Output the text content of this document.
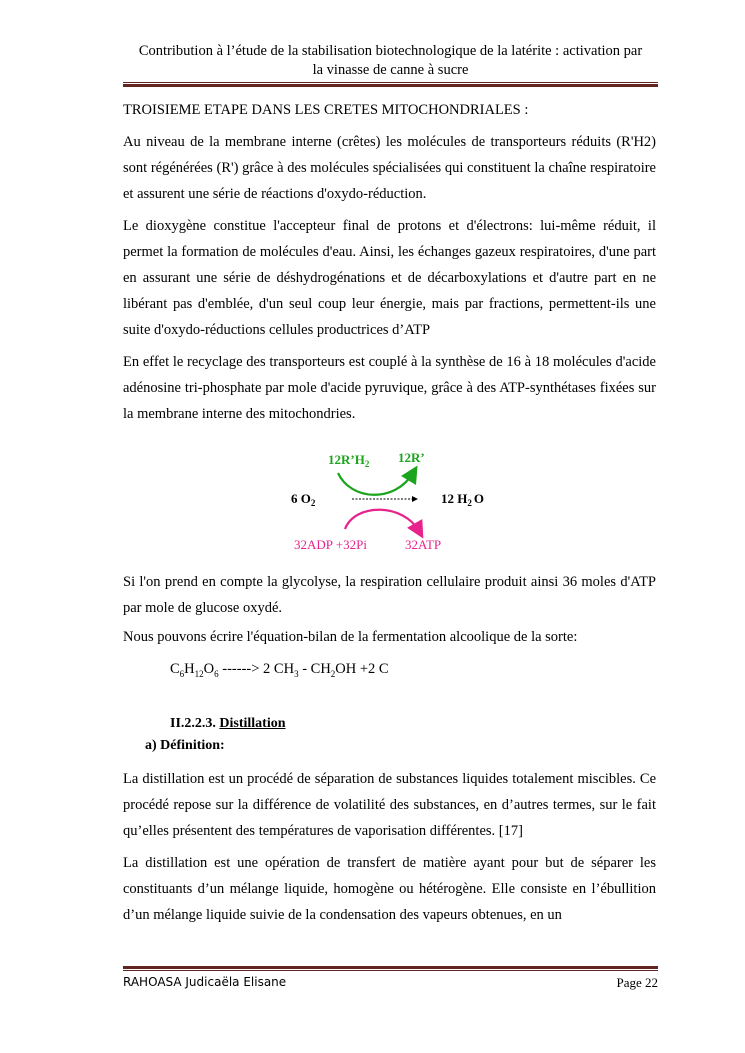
Contribution à l’étude de la stabilisation biotechnologique de la latérite : activation par
la vinasse de canne à sucre

TROISIEME ETAPE DANS LES CRETES MITOCHONDRIALES :

Au niveau de la membrane interne (crêtes) les molécules de transporteurs réduits (R'H2) sont régénérées (R') grâce à des molécules spécialisées qui constituent la chaîne respiratoire et assurent une série de réactions d'oxydo-réduction.

Le dioxygène constitue l'accepteur final de protons et d'électrons: lui-même réduit, il permet la formation de molécules d'eau. Ainsi, les échanges gazeux respiratoires, d'une part en assurant une série de déshydrogénations et de décarboxylations et d'autre part en ne libérant pas d'emblée, d'un seul coup leur énergie, mais par fractions, permettent-ils une suite d'oxydo-réductions cellules productrices d’ATP

En effet le recyclage des transporteurs est couplé à la synthèse de 16 à 18 molécules d'acide adénosine tri-phosphate par mole d'acide pyruvique, grâce à des ATP-synthétases fixées sur la membrane interne des mitochondries.

$12R’H_2$ 12R’
6 $O_2$	12 $H_2$ O
32ADP +32Pi	32ATP

Si l'on prend en compte la glycolyse, la respiration cellulaire produit ainsi 36 moles d'ATP par mole de glucose oxydé.

Nous pouvons écrire l'équation-bilan de la fermentation alcoolique de la sorte:

$C_6H_{12}O_6$ ------> 2 $CH_3 - CH_2OH +2$ C
II.2.2.3. Distillation
a) Définition:

La distillation est un procédé de séparation de substances liquides totalement miscibles. Ce procédé repose sur la différence de volatilité des substances, en d’autres termes, sur le fait qu’elles présentent des températures de vaporisation différentes. [17]

La distillation est une opération de transfert de matière ayant pour but de séparer les constituants d’un mélange liquide, homogène ou hétérogène. Elle consiste en l’ébullition d’un mélange liquide suivie de la condensation des vapeurs obtenues, en un

RAHOASA Judicaëla Elisane	Page 22
